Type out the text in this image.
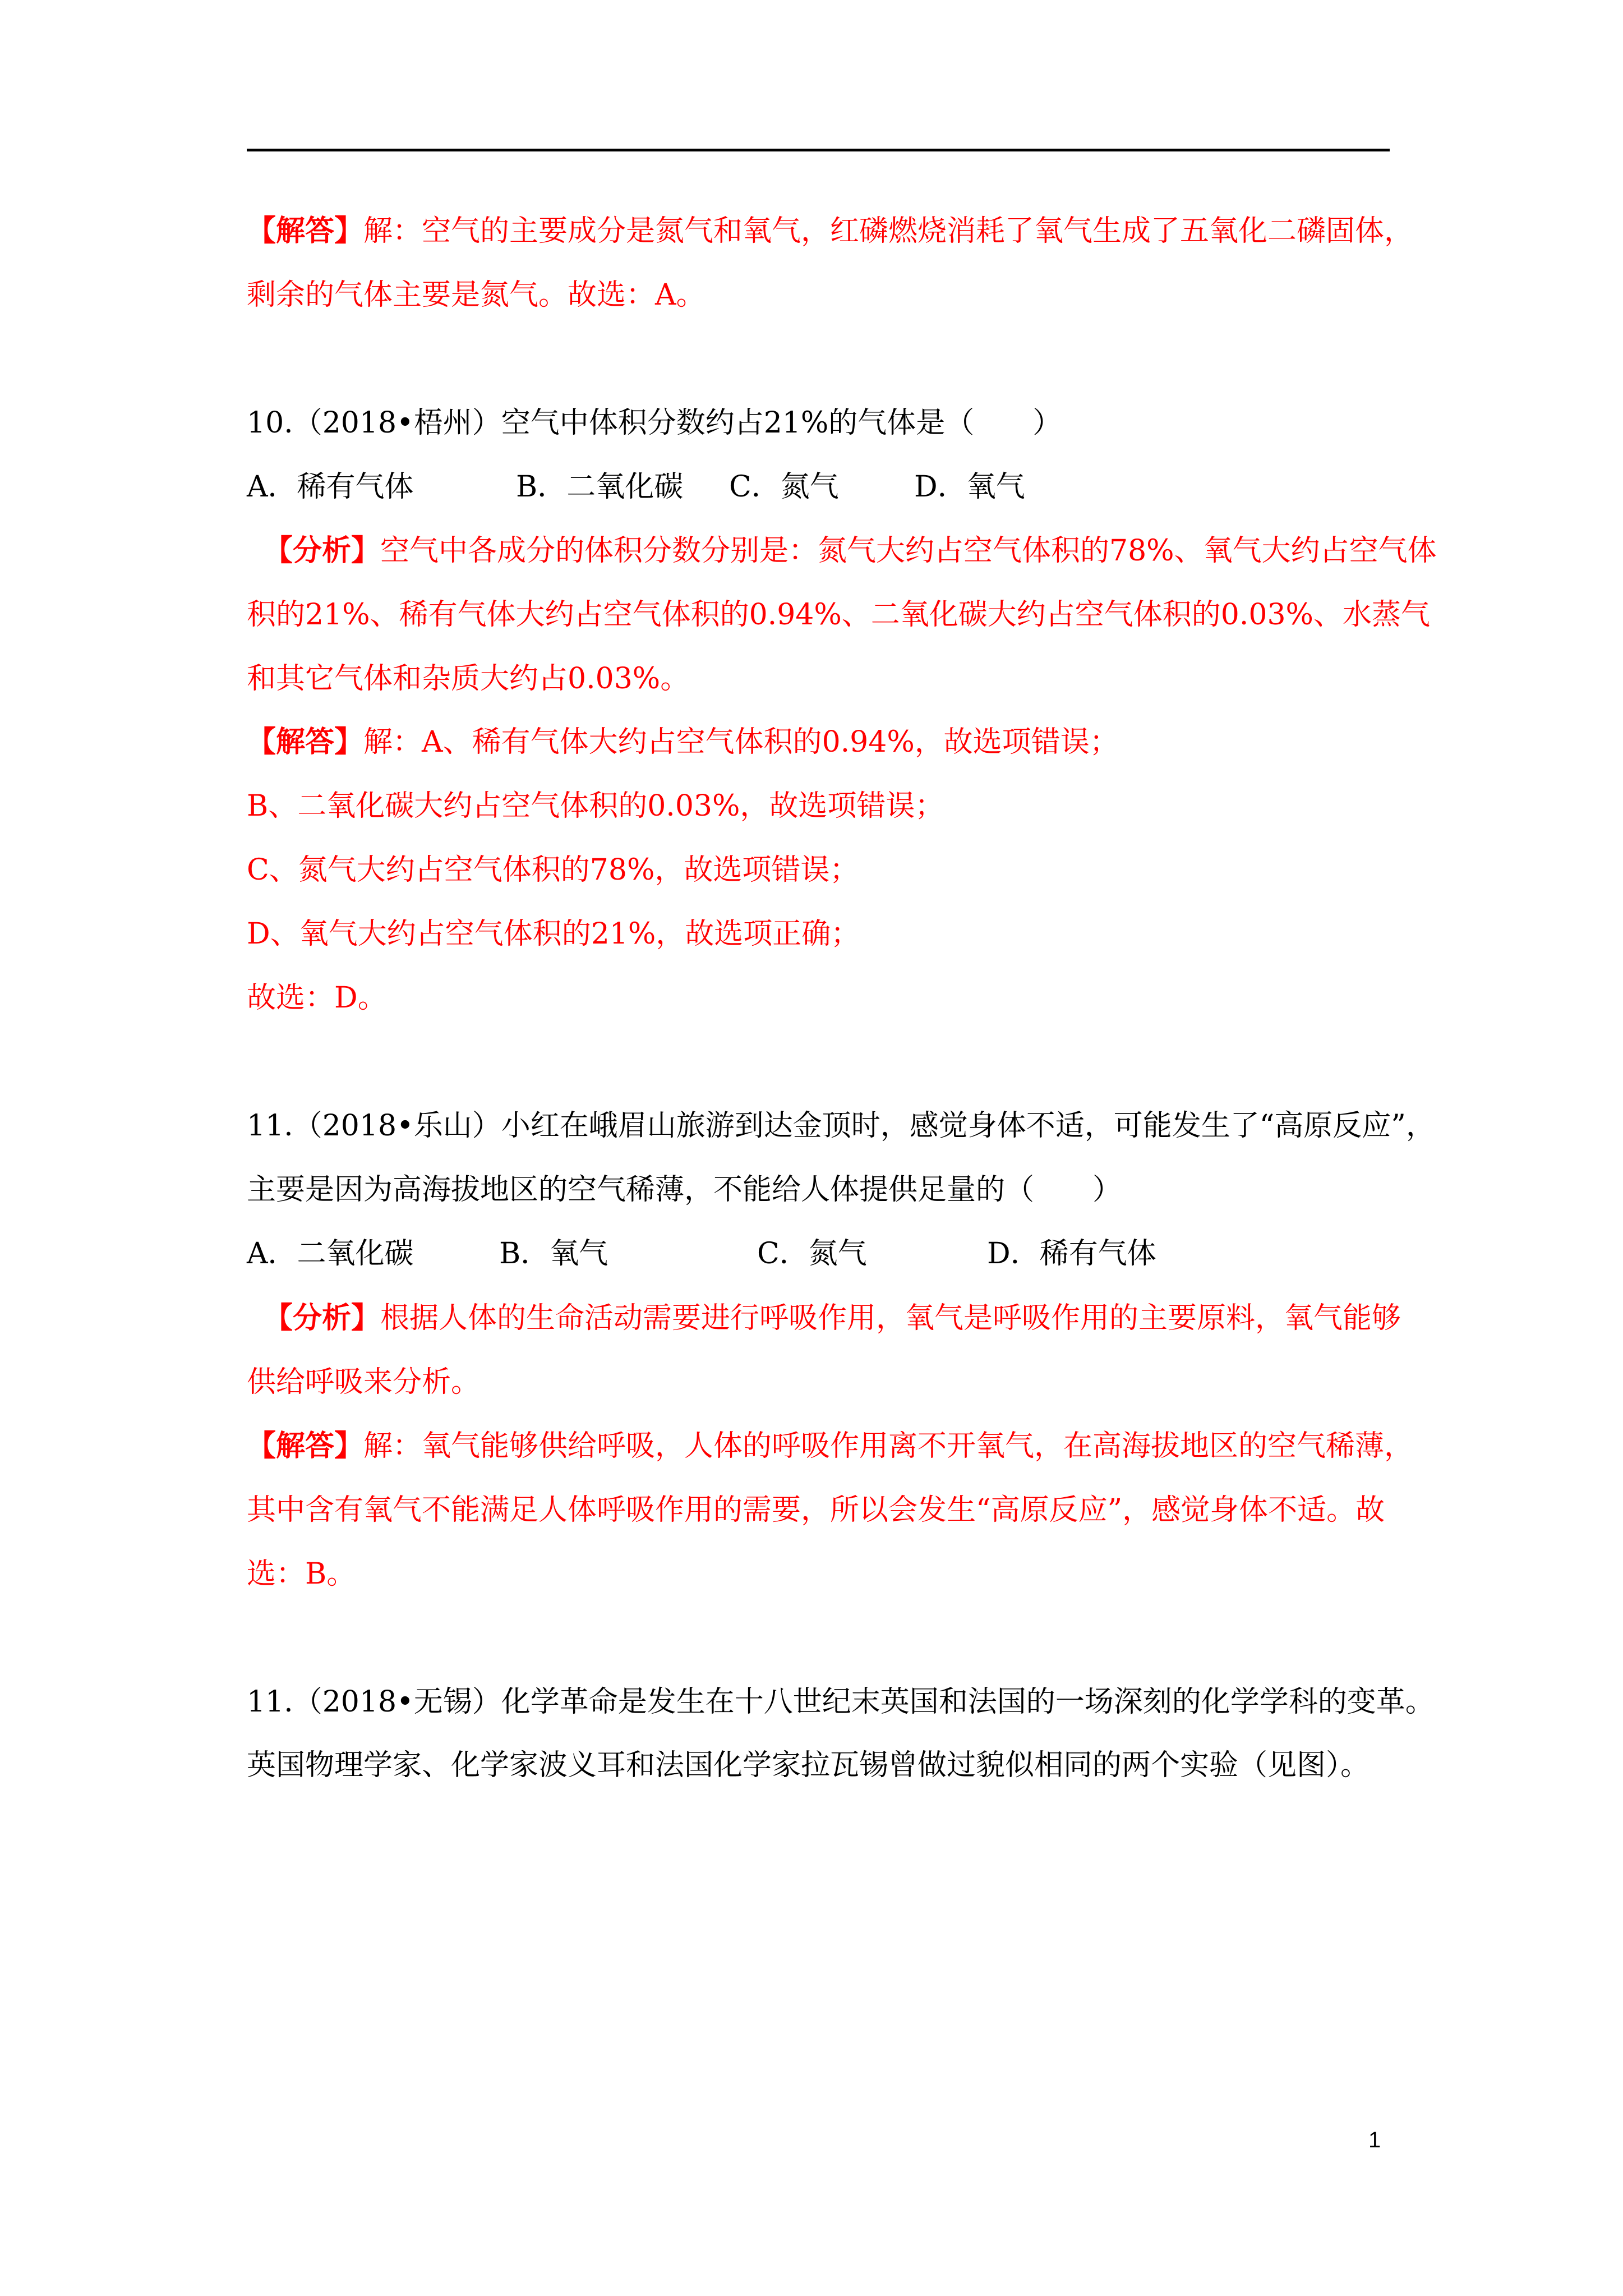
【解答】解：空气的主要成分是氮气和氧气，红磷燃烧消耗了氧气生成了五氧化二磷固体，
剩余的气体主要是氮气。故选：A。
10.（2018•梧州）空气中体积分数约占21%的气体是（　　）
A．稀有气体	B．二氧化碳 C．氮气	D．氧气
【分析】空气中各成分的体积分数分别是：氮气大约占空气体积的78%、氧气大约占空气体
积的21%、稀有气体大约占空气体积的0.94%、二氧化碳大约占空气体积的0.03%、水蒸气
和其它气体和杂质大约占0.03%。
【解答】解：A、稀有气体大约占空气体积的0.94%，故选项错误；
B、二氧化碳大约占空气体积的0.03%，故选项错误；
C、氮气大约占空气体积的78%，故选项错误；
D、氧气大约占空气体积的21%，故选项正确；
故选：D。
11.（2018•乐山）小红在峨眉山旅游到达金顶时，感觉身体不适，可能发生了“高原反应”，
主要是因为高海拔地区的空气稀薄，不能给人体提供足量的（　　）
A．二氧化碳	B．氧气	C．氮气	D．稀有气体
【分析】根据人体的生命活动需要进行呼吸作用，氧气是呼吸作用的主要原料，氧气能够
供给呼吸来分析。
【解答】解：氧气能够供给呼吸，人体的呼吸作用离不开氧气，在高海拔地区的空气稀薄，
其中含有氧气不能满足人体呼吸作用的需要，所以会发生“高原反应”，感觉身体不适。故
选：B。
11.（2018•无锡）化学革命是发生在十八世纪末英国和法国的一场深刻的化学学科的变革。
英国物理学家、化学家波义耳和法国化学家拉瓦锡曾做过貌似相同的两个实验（见图）。
1
